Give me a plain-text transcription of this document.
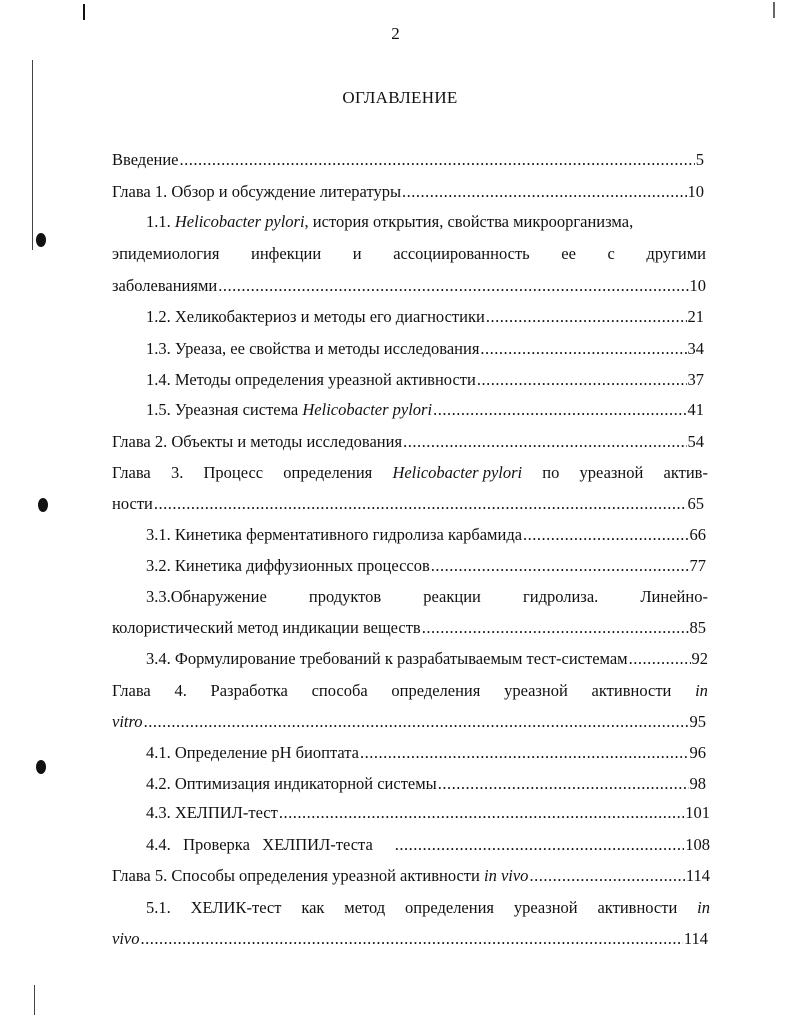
2
ОГЛАВЛЕНИЕ
Введение .....	5
Глава 1. Обзор и обсуждение литературы .....	10
1.1.
Helicobacter pylori , история открытия, свойства микроорганизма,
эпидемиология инфекции и ассоциированность ее с другими
заболеваниями .....	10
1.2. Хеликобактериоз и методы его диагностики .....	21
1.3. Уреаза, ее свойства и методы исследования .....	34
1.4. Методы определения уреазной активности .....	37
1.5. Уреазная система Helicobacter pylori .....	41
Глава 2. Объекты и методы исследования .....	54
Глава 3. Процесс определения Helicobacter pylori по уреазной актив-
ности .....	65
3.1. Кинетика ферментативного гидролиза карбамида .....	66
3.2. Кинетика диффузионных процессов .....	77
3.3.Обнаружение	продуктов	реакции	гидролиза.	Линейно-
колористический метод индикации веществ .....	85
3.4. Формулирование требований к разрабатываемым тест-системам .....	92
Глава 4. Разработка способа определения уреазной активности in
vitro .....	95
4.1. Определение рН биоптата .....	96
4.2. Оптимизация индикаторной системы .....	98
4.3. ХЕЛПИЛ-тест .....	101
4.4.   Проверка   ХЕЛПИЛ-теста .....	108
Глава 5. Способы определения уреазной активности in vivo .....	114
5.1. ХЕЛИК-тест как метод определения уреазной активности in
vivo .....	114
